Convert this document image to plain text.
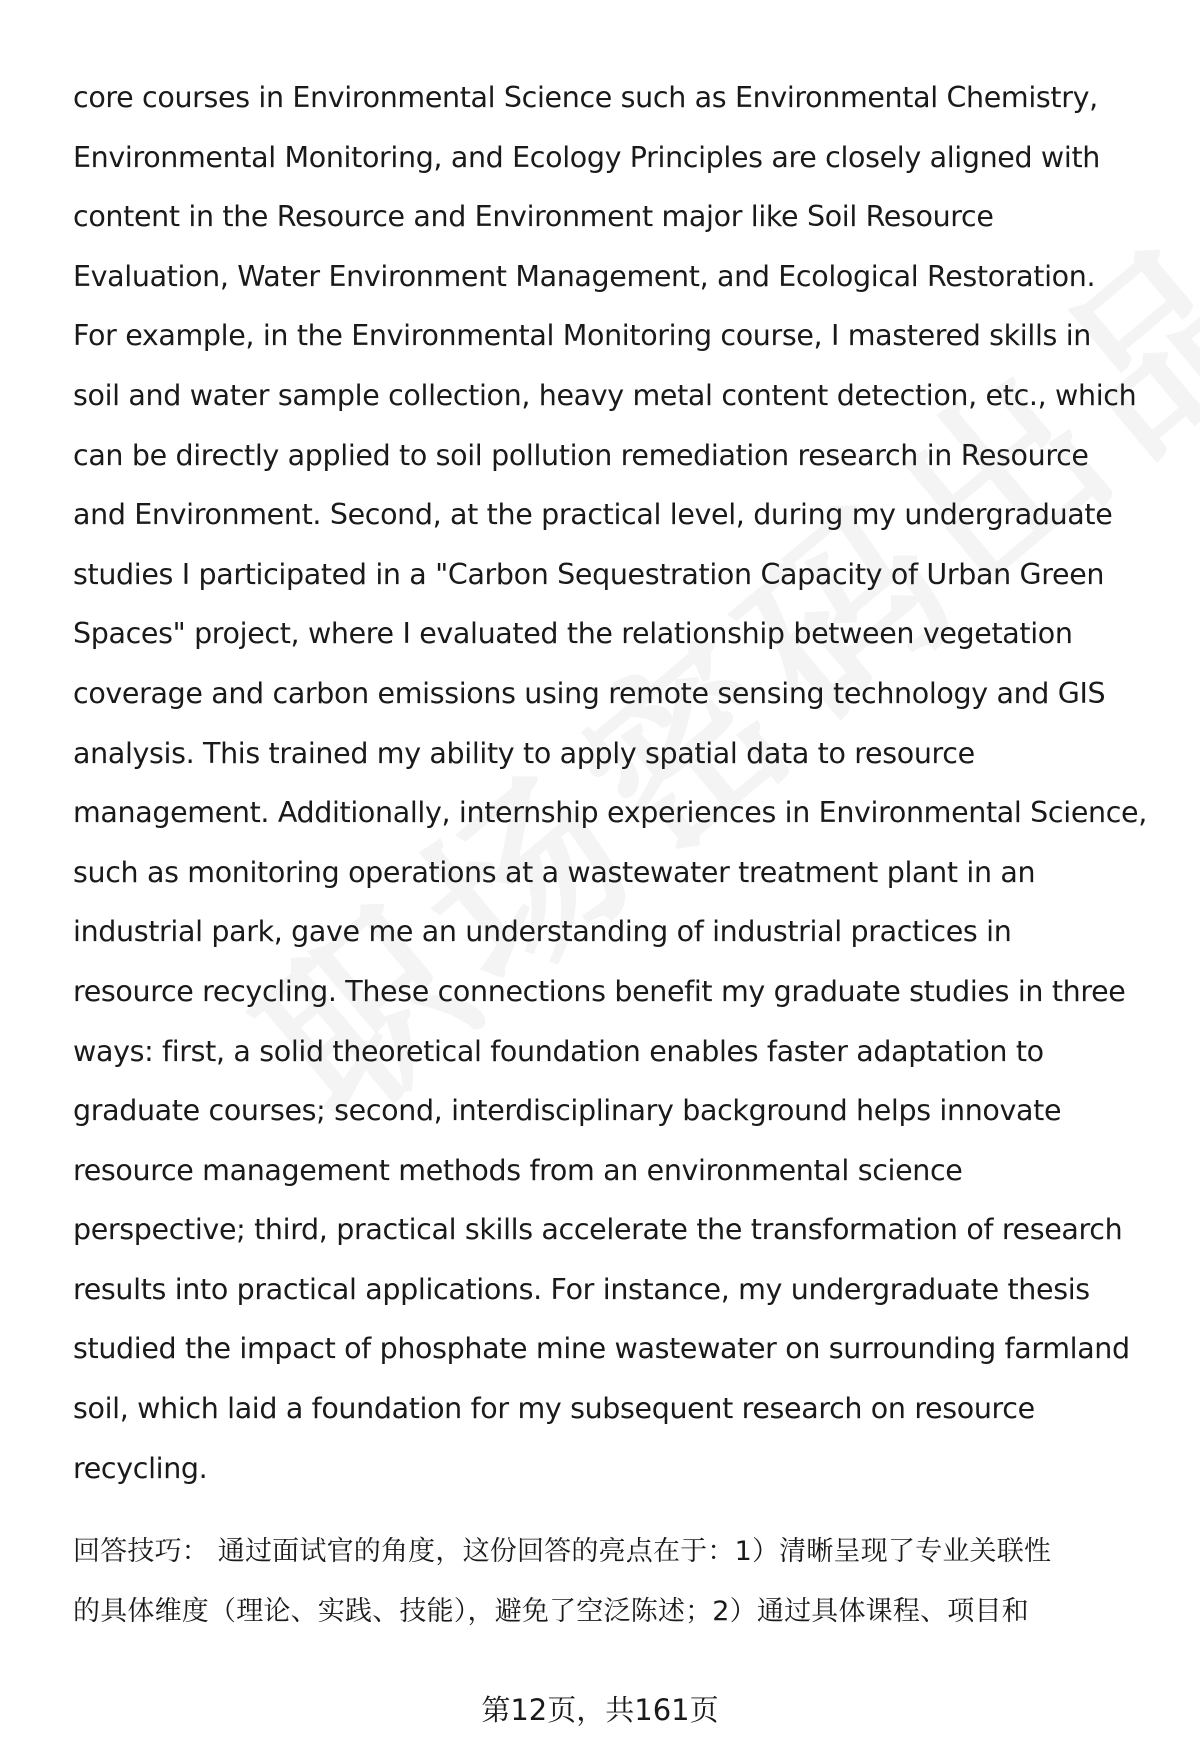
core courses in Environmental Science such as Environmental Chemistry,
Environmental Monitoring, and Ecology Principles are closely aligned with
content in the Resource and Environment major like Soil Resource
Evaluation, Water Environment Management, and Ecological Restoration.
For example, in the Environmental Monitoring course, I mastered skills in
soil and water sample collection, heavy metal content detection, etc., which
can be directly applied to soil pollution remediation research in Resource
and Environment. Second, at the practical level, during my undergraduate
studies I participated in a "Carbon Sequestration Capacity of Urban Green
Spaces" project, where I evaluated the relationship between vegetation
coverage and carbon emissions using remote sensing technology and GIS
analysis. This trained my ability to apply spatial data to resource
management. Additionally, internship experiences in Environmental Science,
such as monitoring operations at a wastewater treatment plant in an
industrial park, gave me an understanding of industrial practices in
resource recycling. These connections benefit my graduate studies in three
ways: first, a solid theoretical foundation enables faster adaptation to
graduate courses; second, interdisciplinary background helps innovate
resource management methods from an environmental science
perspective; third, practical skills accelerate the transformation of research
results into practical applications. For instance, my undergraduate thesis
studied the impact of phosphate mine wastewater on surrounding farmland
soil, which laid a foundation for my subsequent research on resource
recycling.
回答技巧： 通过面试官的角度，这份回答的亮点在于：1）清晰呈现了专业关联性
的具体维度（理论、实践、技能），避免了空泛陈述；2）通过具体课程、项目和
第12页，共161页
